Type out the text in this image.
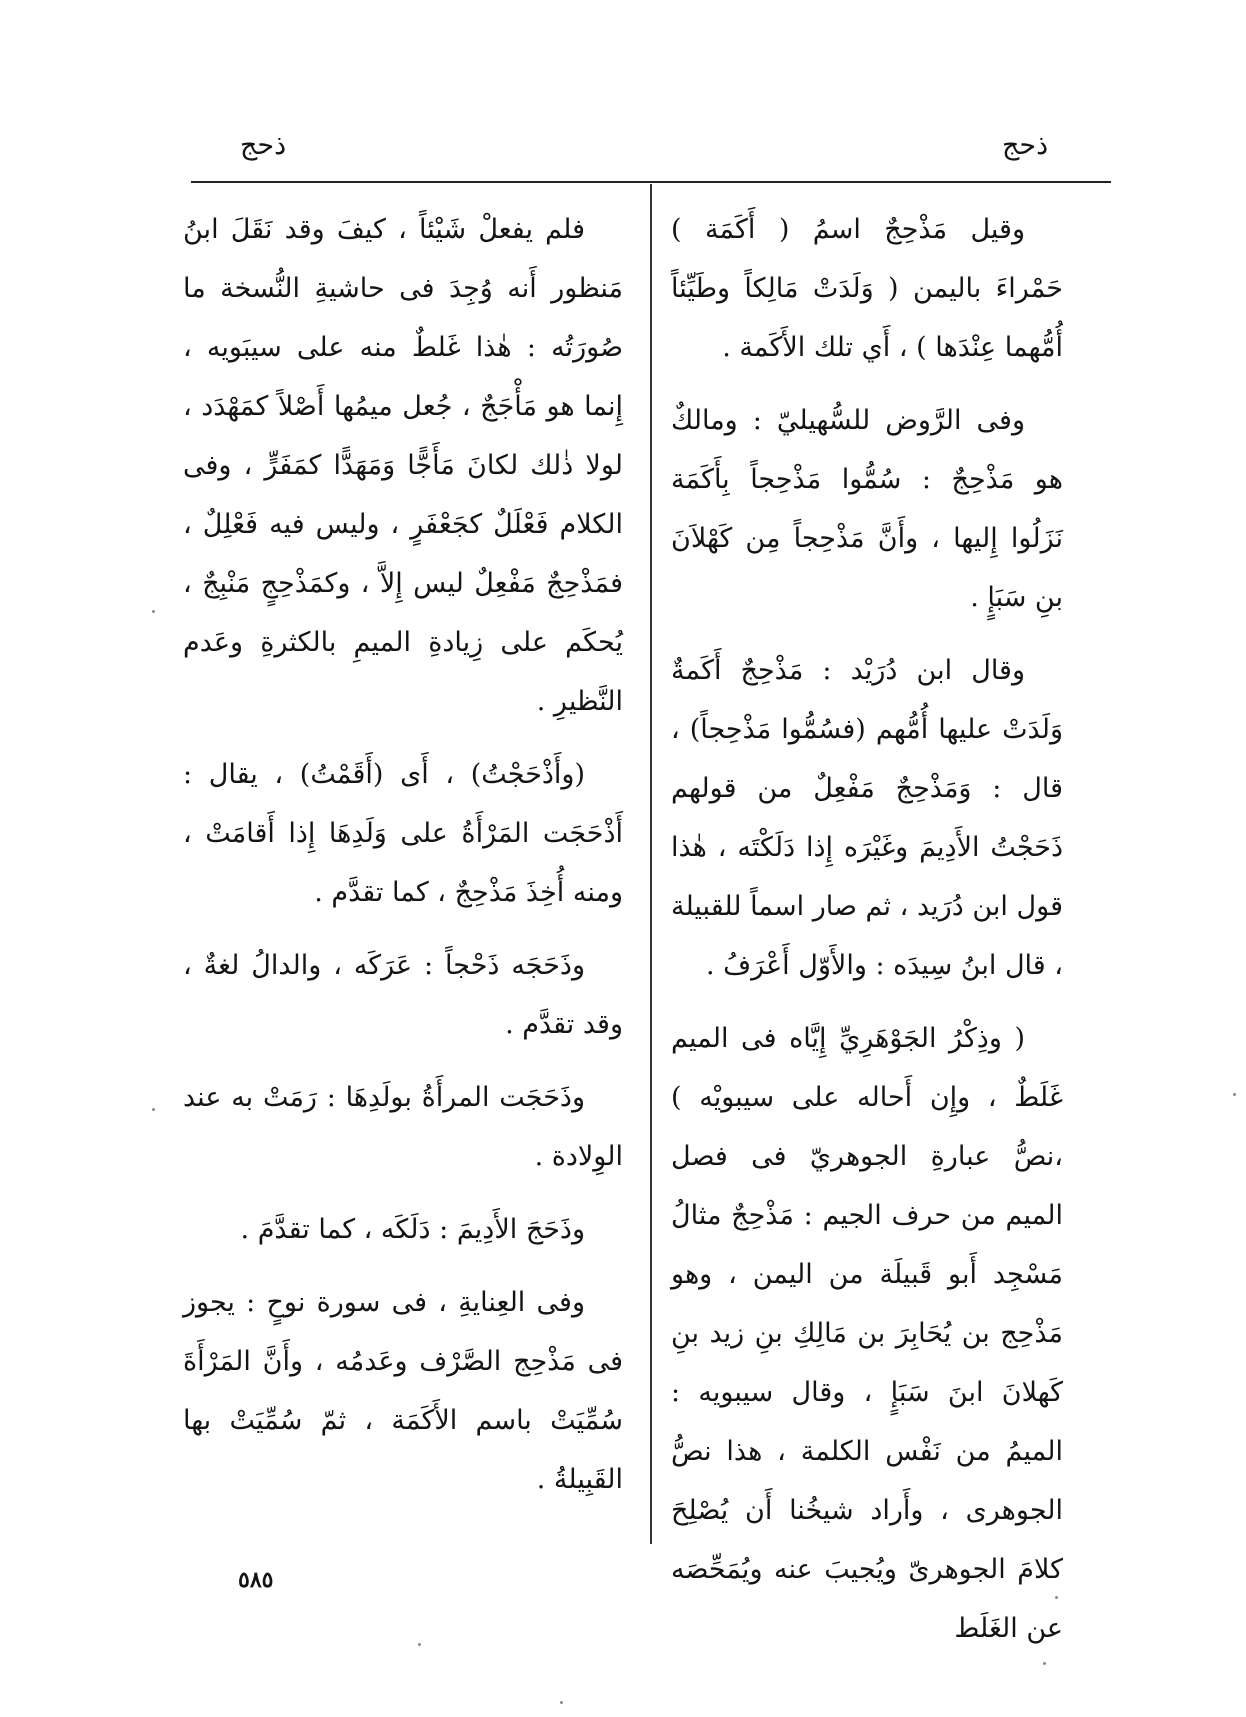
ذحج
ذحج

وقيل مَذْحِجٌ اسمُ ( أَكَمَة ) حَمْراءَ باليمن ( وَلَدَتْ مَالِكاً وطَيِّئاً أُمُّهما عِنْدَها ) ، أَي تلك الأَكَمة .

وفى الرَّوض للسُّهيليّ : ومالكٌ هو مَذْحِجٌ : سُمُّوا مَذْحِجاً بِأَكَمَة نَزَلُوا إِليها ، وأَنَّ مَذْحِجاً مِن كَهْلاَنَ بنِ سَبَإٍ .

وقال ابن دُرَيْد : مَذْحِجٌ أَكَمةٌ وَلَدَتْ عليها أُمُّهم (فسُمُّوا مَذْحِجاً) ، قال : وَمَذْحِجٌ مَفْعِلٌ من قولهم ذَحَجْتُ الأَدِيمَ وغَيْرَه إِذا دَلَكْتَه ، هٰذا قول ابن دُرَيد ، ثم صار اسماً للقبيلة ، قال ابنُ سِيدَه : والأَوّل أَعْرَفُ .

( وذِكْرُ الجَوْهَرِيِّ إِيَّاه فى الميم غَلَطٌ ، وإِن أَحاله على سيبويْه ) ،نصُّ عبارةِ الجوهريّ فى فصل الميم من حرف الجيم : مَذْحِجٌ مثالُ مَسْجِد أَبو قَبيلَة من اليمن ، وهو مَذْحِج بن يُحَابِرَ بن مَالِكِ بنِ زيد بنِ كَهلانَ ابنَ سَبَإٍ ، وقال سيبويه : الميمُ من نَفْس الكلمة ، هذا نصُّ الجوهرى ، وأَراد شيخُنا أَن يُصْلِحَ كلامَ الجوهرىّ ويُجيبَ عنه ويُمَحِّصَه عن الغَلَط

فلم يفعلْ شَيْئاً ، كيفَ وقد نَقَلَ ابنُ مَنظور أَنه وُجِدَ فى حاشيةِ النُّسخة ما صُورَتُه : هٰذا غَلطٌ منه على سيبَويه ، إِنما هو مَأْجَجٌ ، جُعل ميمُها أَصْلاً كمَهْدَد ، لولا ذٰلك لكانَ مَأَجًّا وَمَهَدًّا كمَفَرٍّ ، وفى الكلام فَعْلَلٌ كجَعْفَرٍ ، وليس فيه فَعْلِلٌ ، فمَذْحِجٌ مَفْعِلٌ ليس إِلاَّ ، وكمَذْحِجٍ مَنْبِجٌ ، يُحكَم على زِيادةِ الميمِ بالكثرةِ وعَدم النَّظيرِ .

(وأَذْحَجْتُ) ، أَى (أَقَمْتُ) ، يقال : أَذْحَجَت المَرْأَةُ على وَلَدِهَا إِذا أَقامَتْ ، ومنه أُخِذَ مَذْحِجٌ ، كما تقدَّم .

وذَحَجَه ذَحْجاً : عَرَكَه ، والدالُ لغةٌ ، وقد تقدَّم .

وذَحَجَت المرأَةُ بولَدِهَا : رَمَتْ به عند الوِلادة .

وذَحَجَ الأَدِيمَ : دَلَكَه ، كما تقدَّمَ .

وفى العِنايةِ ، فى سورة نوحٍ : يجوز فى مَذْحِج الصَّرْف وعَدمُه ، وأَنَّ المَرْأَةَ سُمِّيَتْ باسم الأَكَمَة ، ثمّ سُمِّيَتْ بها القَبِيلةُ .

٥٨٥
